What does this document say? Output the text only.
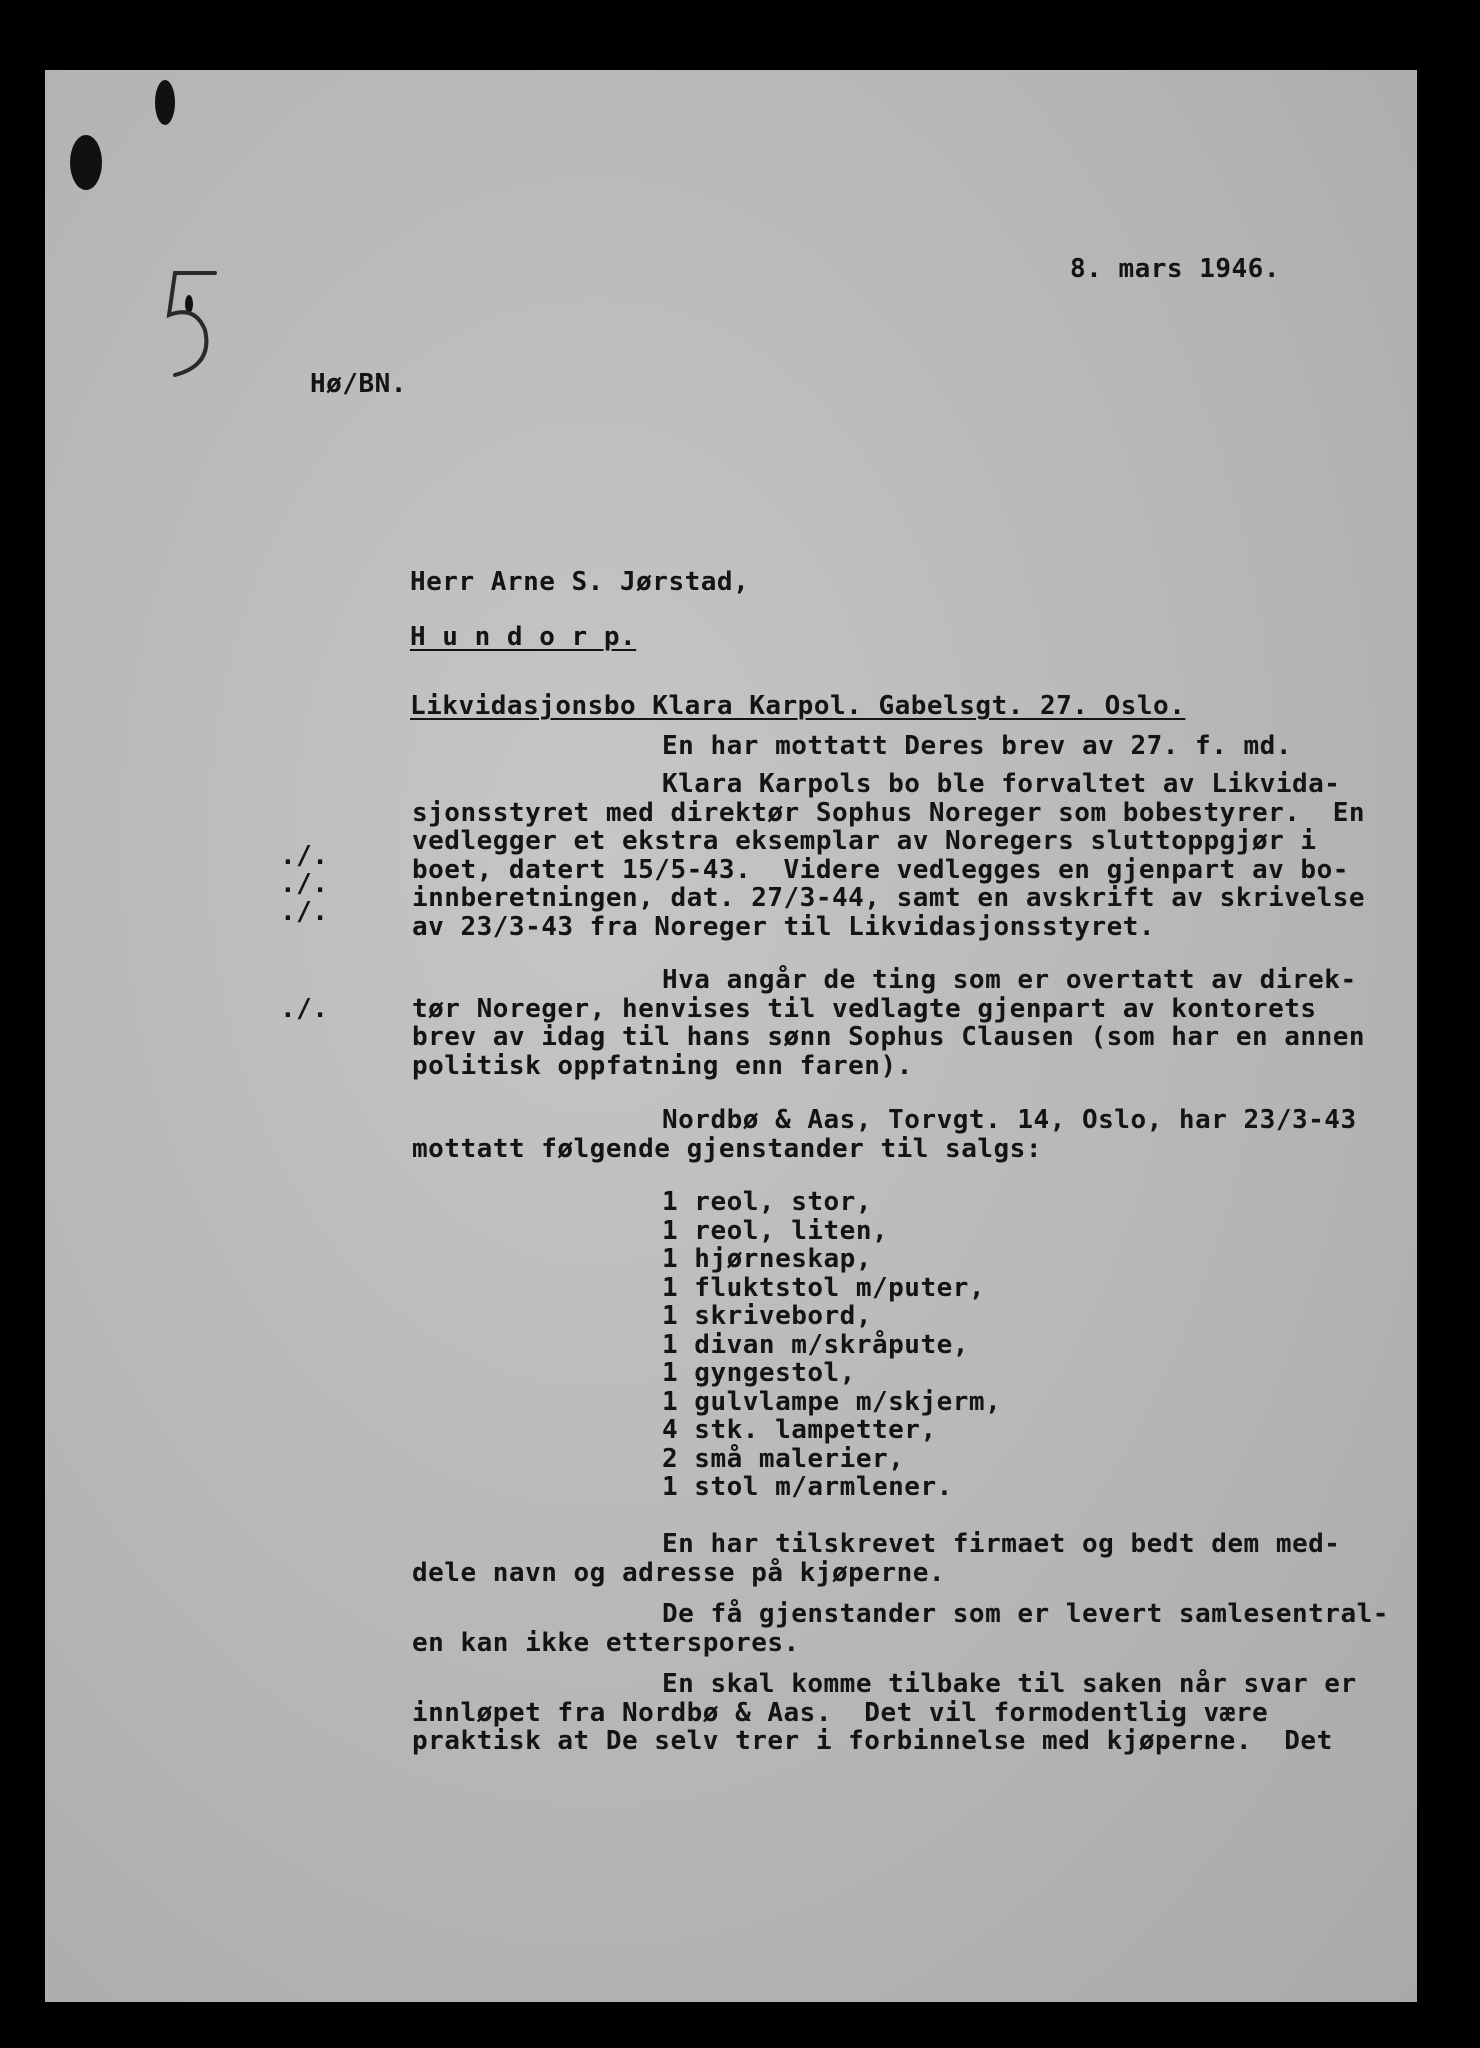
8. mars 1946.
Hø/BN.
Herr Arne S. Jørstad,
H u n d o r p.
Likvidasjonsbo Klara Karpol. Gabelsgt. 27. Oslo.
En har mottatt Deres brev av 27. f. md.
Klara Karpols bo ble forvaltet av Likvida-
sjonsstyret med direktør Sophus Noreger som bobestyrer.  En
vedlegger et ekstra eksemplar av Noregers sluttoppgjør i
boet, datert 15/5-43.  Videre vedlegges en gjenpart av bo-
innberetningen, dat. 27/3-44, samt en avskrift av skrivelse
av 23/3-43 fra Noreger til Likvidasjonsstyret.
./.
./.
./.
./.
Hva angår de ting som er overtatt av direk-
tør Noreger, henvises til vedlagte gjenpart av kontorets
brev av idag til hans sønn Sophus Clausen (som har en annen
politisk oppfatning enn faren).
Nordbø & Aas, Torvgt. 14, Oslo, har 23/3-43
mottatt følgende gjenstander til salgs:
1 reol, stor,
1 reol, liten,
1 hjørneskap,
1 fluktstol m/puter,
1 skrivebord,
1 divan m/skråpute,
1 gyngestol,
1 gulvlampe m/skjerm,
4 stk. lampetter,
2 små malerier,
1 stol m/armlener.
En har tilskrevet firmaet og bedt dem med-
dele navn og adresse på kjøperne.
De få gjenstander som er levert samlesentral-
en kan ikke etterspores.
En skal komme tilbake til saken når svar er
innløpet fra Nordbø & Aas.  Det vil formodentlig være
praktisk at De selv trer i forbinnelse med kjøperne.  Det
